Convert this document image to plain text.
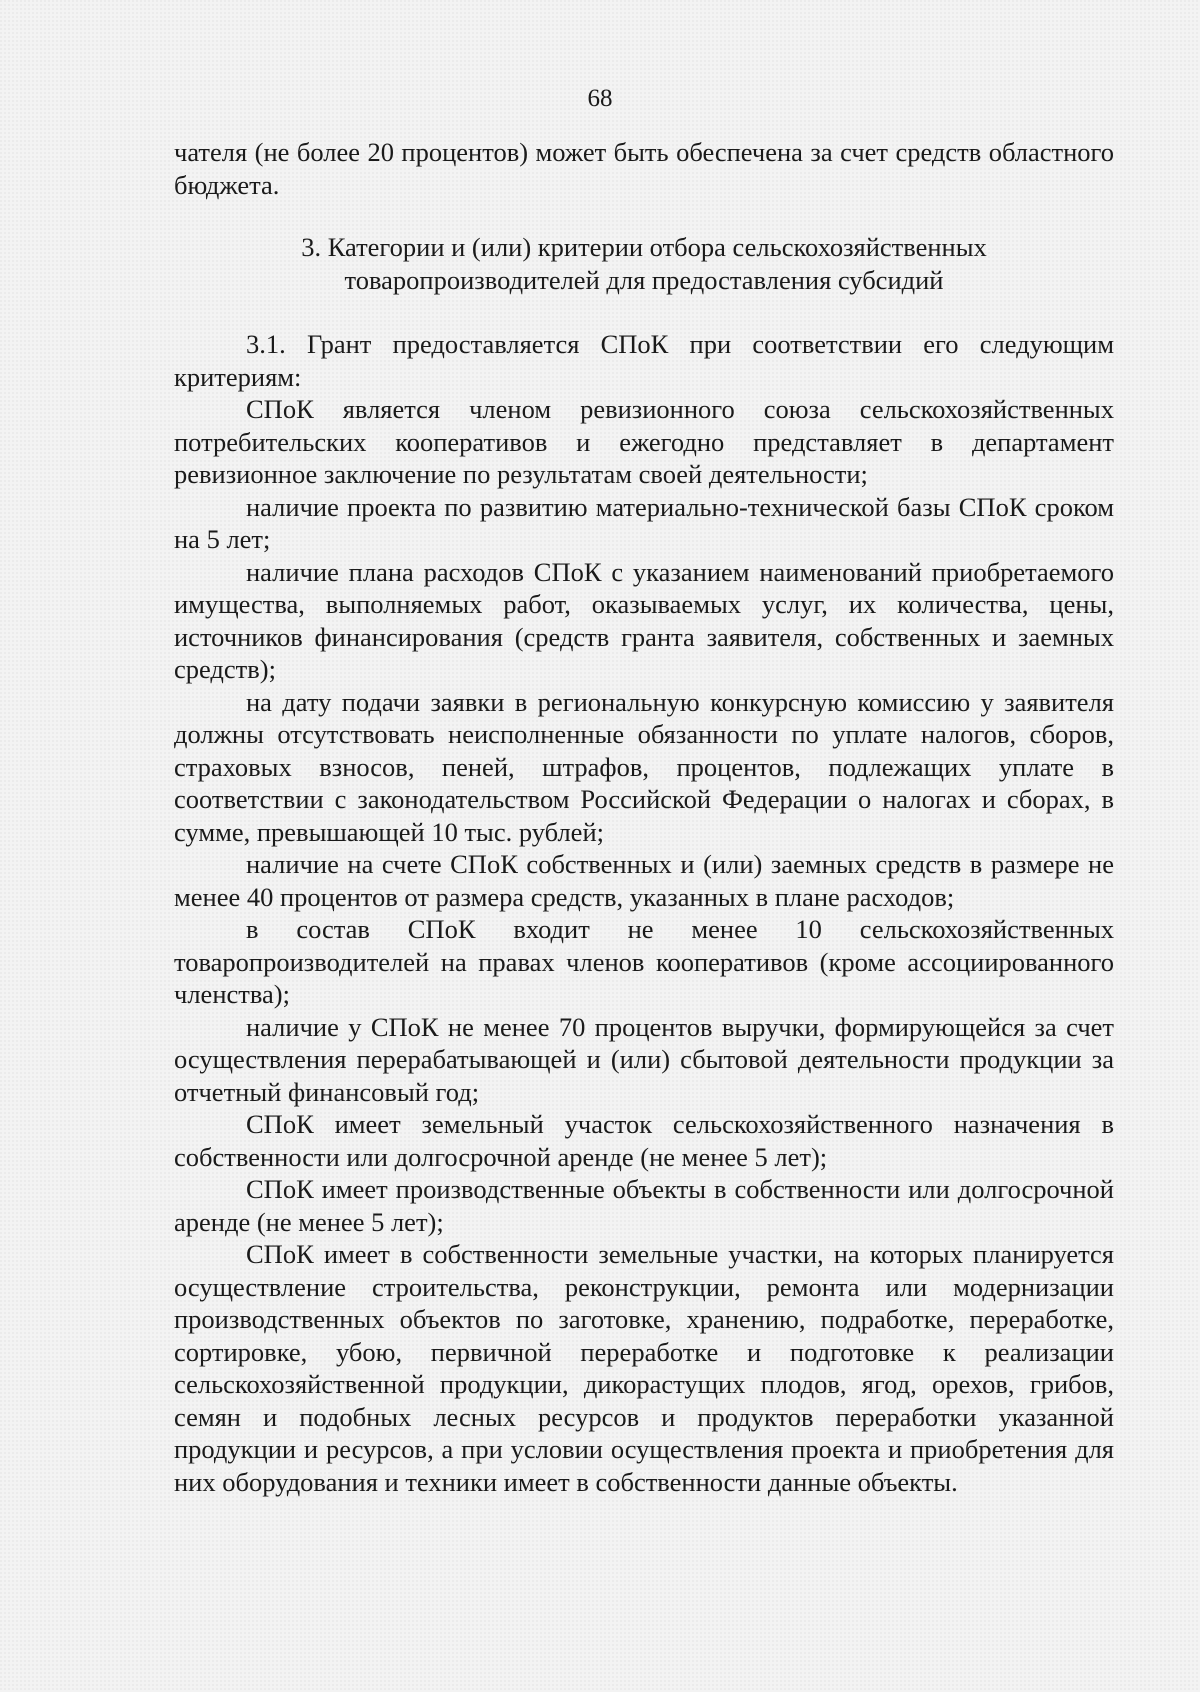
68

чателя (не более 20 процентов) может быть обеспечена за счет средств областного бюджета.

3. Категории и (или) критерии отбора сельскохозяйственных
товаропроизводителей для предоставления субсидий

3.1. Грант предоставляется СПоК при соответствии его следующим критериям:

СПоК является членом ревизионного союза сельскохозяйственных потребительских кооперативов и ежегодно представляет в департамент ревизионное заключение по результатам своей деятельности;

наличие проекта по развитию материально-технической базы СПоК сроком на 5 лет;

наличие плана расходов СПоК с указанием наименований приобретаемого имущества, выполняемых работ, оказываемых услуг, их количества, цены, источников финансирования (средств гранта заявителя, собственных и заемных средств);

на дату подачи заявки в региональную конкурсную комиссию у заявителя должны отсутствовать неисполненные обязанности по уплате налогов, сборов, страховых взносов, пеней, штрафов, процентов, подлежащих уплате в соответствии с законодательством Российской Федерации о налогах и сборах, в сумме, превышающей 10 тыс. рублей;

наличие на счете СПоК собственных и (или) заемных средств в размере не менее 40 процентов от размера средств, указанных в плане расходов;

в состав СПоК входит не менее 10 сельскохозяйственных товаропроизводителей на правах членов кооперативов (кроме ассоциированного членства);

наличие у СПоК не менее 70 процентов выручки, формирующейся за счет осуществления перерабатывающей и (или) сбытовой деятельности продукции за отчетный финансовый год;

СПоК имеет земельный участок сельскохозяйственного назначения в собственности или долгосрочной аренде (не менее 5 лет);

СПоК имеет производственные объекты в собственности или долгосрочной аренде (не менее 5 лет);

СПоК имеет в собственности земельные участки, на которых планируется осуществление строительства, реконструкции, ремонта или модернизации производственных объектов по заготовке, хранению, подработке, переработке, сортировке, убою, первичной переработке и подготовке к реализации сельскохозяйственной продукции, дикорастущих плодов, ягод, орехов, грибов, семян и подобных лесных ресурсов и продуктов переработки указанной продукции и ресурсов, а при условии осуществления проекта и приобретения для них оборудования и техники имеет в собственности данные объекты.
